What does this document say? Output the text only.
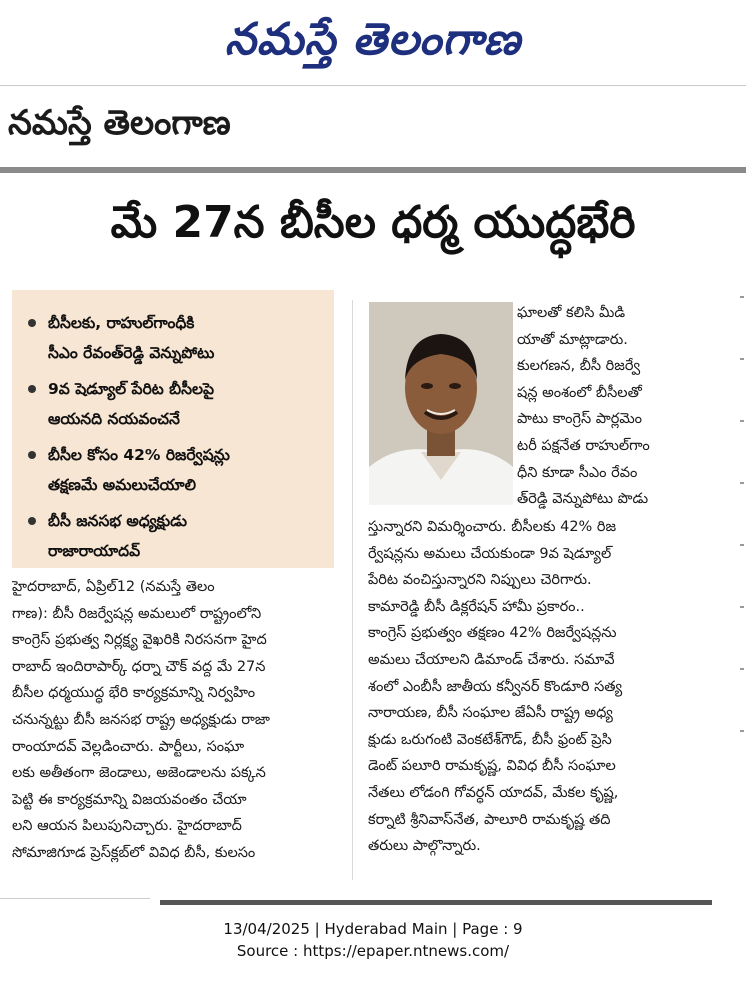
నమస్తే తెలంగాణ
నమస్తే తెలంగాణ
మే 27న బీసీల ధర్మ యుద్ధభేరి
బీసీలకు, రాహుల్‌గాంధీకి
సీఎం రేవంత్‌రెడ్డి వెన్నుపోటు
9వ షెడ్యూల్ పేరిట బీసీలపై
ఆయనది నయవంచనే
బీసీల కోసం 42% రిజర్వేషన్లు
తక్షణమే అమలుచేయాలి
బీసీ జనసభ అధ్యక్షుడు
రాజారాయాదవ్
ఘాలతో కలిసి మీడి
యాతో మాట్లాడారు.
కులగణన, బీసీ రిజర్వే
షన్ల అంశంలో బీసీలతో
పాటు కాంగ్రెస్ పార్లమెం
టరీ పక్షనేత రాహుల్‌గాం
ధీని కూడా సీఎం రేవం
త్‌రెడ్డి వెన్నుపోటు పొడు
హైదరాబాద్, ఏప్రిల్12 (నమస్తే తెలం
గాణ): బీసీ రిజర్వేషన్ల అమలులో రాష్ట్రంలోని
కాంగ్రెస్ ప్రభుత్వ నిర్లక్ష్య వైఖరికి నిరసనగా హైద
రాబాద్ ఇందిరాపార్క్ ధర్నా చౌక్ వద్ద మే 27న
బీసీల ధర్మయుద్ధ భేరి కార్యక్రమాన్ని నిర్వహిం
చనున్నట్టు బీసీ జనసభ రాష్ట్ర అధ్యక్షుడు రాజా
రాంయాదవ్ వెల్లడించారు. పార్టీలు, సంఘా
లకు అతీతంగా జెండాలు, అజెండాలను పక్కన
పెట్టి ఈ కార్యక్రమాన్ని విజయవంతం చేయా
లని ఆయన పిలుపునిచ్చారు. హైదరాబాద్
సోమాజిగూడ ప్రెస్‌క్లబ్‌లో వివిధ బీసీ, కులసం
స్తున్నారని విమర్శించారు. బీసీలకు 42% రిజ
ర్వేషన్లను అమలు చేయకుండా 9వ షెడ్యూల్
పేరిట వంచిస్తున్నారని నిప్పులు చెరిగారు.
కామారెడ్డి బీసీ డిక్లరేషన్ హామీ ప్రకారం..
కాంగ్రెస్ ప్రభుత్వం తక్షణం 42% రిజర్వేషన్లను
అమలు చేయాలని డిమాండ్ చేశారు. సమావే
శంలో ఎంబీసీ జాతీయ కన్వీనర్ కొండూరి సత్య
నారాయణ, బీసీ సంఘాల జేఏసీ రాష్ట్ర అధ్య
క్షుడు ఒరుగంటి వెంకటేశ్‌గౌడ్, బీసీ ఫ్రంట్ ప్రెసి
డెంట్ పలూరి రామకృష్ణ, వివిధ బీసీ సంఘాల
నేతలు లోడంగి గోవర్ధన్ యాదవ్, మేకల కృష్ణ,
కర్నాటి శ్రీనివాస్‌నేత, పాలూరి రామకృష్ణ తది
తరులు పాల్గొన్నారు.
13/04/2025 | Hyderabad Main | Page : 9
Source : https://epaper.ntnews.com/
